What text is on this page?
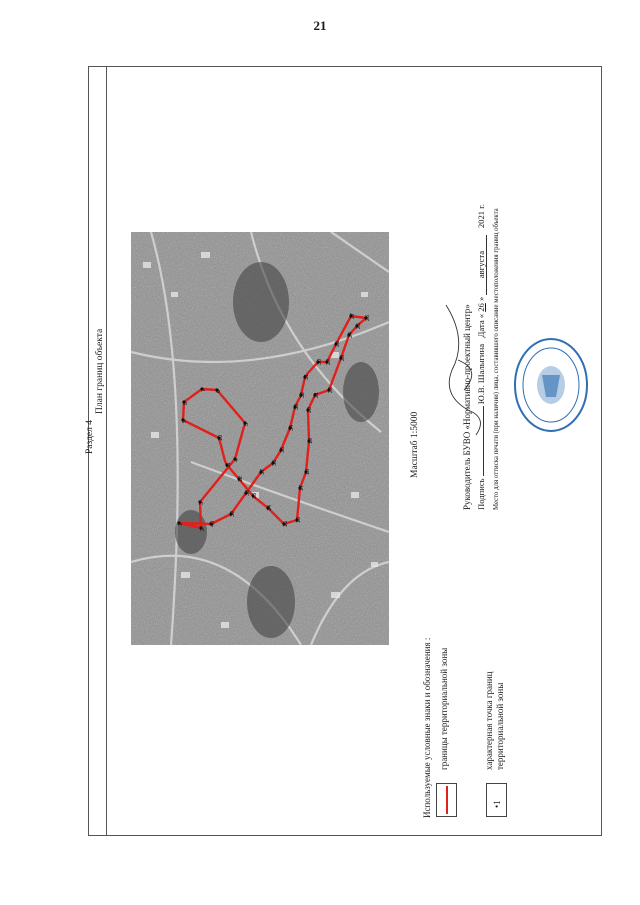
21
Раздел 4
План границ объекта
1
2
3
4
5
6
7
8
9
10
11
12
13
14
15
16
17
18
19
20
21
22
23
24
25
26
27
28
29
30
31
32
33
34
35
36
37
38
39
40
Масштаб 1:5000	Руководитель БУВО «Нормативно-проектный центр» Подпись  Ю.В. Шалыгина   Дата « 26 » августа   2021 г. Место для оттиска печати (при наличии) лица, составившего описание местоположения границ объекта
Используемые условные знаки и обозначения : границы территориальной зоны
•1
характерная точка границ территориальной зоны
